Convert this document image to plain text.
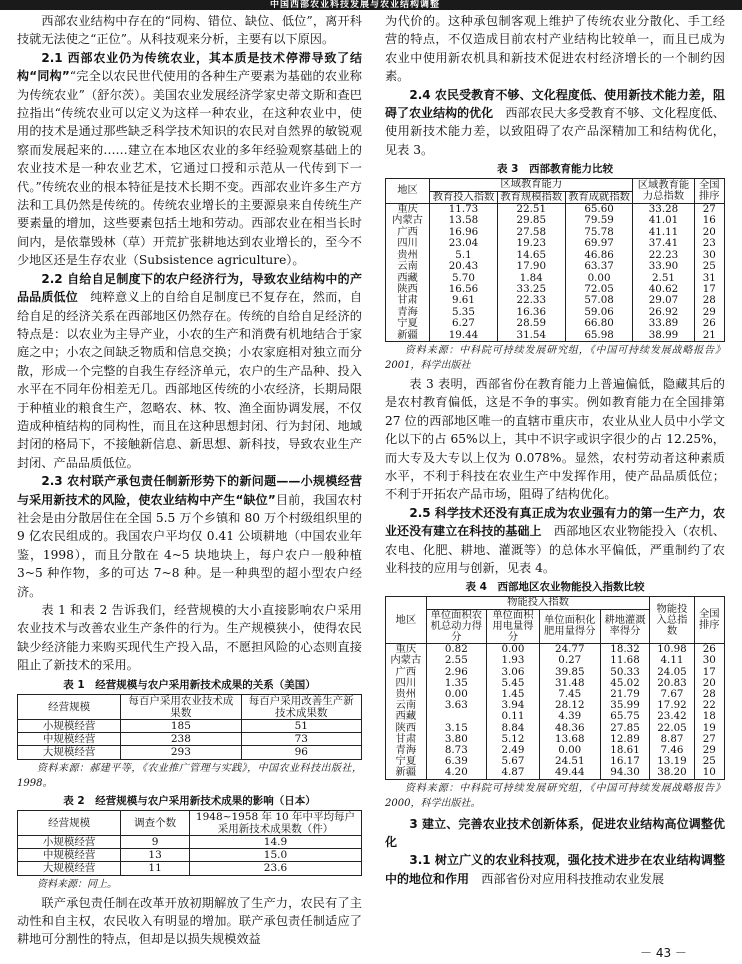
中国西部农业科技发展与农业结构调整

西部农业结构中存在的“同构、错位、缺位、低位”，离开科技就无法使之“正位”。从科技观来分析，主要有以下原因。

2.1 西部农业仍为传统农业，其本质是技术停滞导致了结构“同构”“完全以农民世代使用的各种生产要素为基础的农业称为传统农业”（舒尔茨）。美国农业发展经济学家史蒂文斯和查巴拉指出“传统农业可以定义为这样一种农业，在这种农业中，使用的技术是通过那些缺乏科学技术知识的农民对自然界的敏锐观察而发展起来的……建立在本地区农业的多年经验观察基础上的农业技术是一种农业艺术，它通过口授和示范从一代传到下一代。”传统农业的根本特征是技术长期不变。西部农业许多生产方法和工具仍然是传统的。传统农业增长的主要源泉来自传统生产要素量的增加，这些要素包括土地和劳动。西部农业在相当长时间内，是依靠毁林（草）开荒扩张耕地达到农业增长的，至今不少地区还是生存农业（Subsistence agriculture）。

2.2 自给自足制度下的农户经济行为，导致农业结构中的产品品质低位　 纯粹意义上的自给自足制度已不复存在，然而，自给自足的经济关系在西部地区仍然存在。传统的自给自足经济的特点是：以农业为主导产业，小农的生产和消费有机地结合于家庭之中；小农之间缺乏物质和信息交换；小农家庭相对独立而分散，形成一个完整的自我生存经济单元，农户的生产品种、投入水平在不同年份相差无几。西部地区传统的小农经济，长期局限于种植业的粮食生产，忽略农、林、牧、渔全面协调发展，不仅造成种植结构的同构性，而且在这种思想封闭、行为封闭、地域封闭的格局下，不接触新信息、新思想、新科技，导致农业生产封闭、产品品质低位。

2.3 农村联产承包责任制新形势下的新问题——小规模经营与采用新技术的风险，使农业结构中产生“缺位”目前，我国农村社会是由分散居住在全国 5.5 万个乡镇和 80 万个村级组织里的 9 亿农民组成的。我国农户平均仅 0.41 公顷耕地（中国农业年鉴，1998），而且分散在 4~5 块地块上，每户农户一般种植 3~5 种作物，多的可达 7~8 种。是一种典型的超小型农户经济。

表 1 和表 2 告诉我们，经营规模的大小直接影响农户采用农业技术与改善农业生产条件的行为。生产规模狭小，使得农民缺少经济能力来购买现代生产投入品，不愿担风险的心态则直接阻止了新技术的采用。

表 1　经营规模与农户采用新技术成果的关系（美国）
经营规模	每百户采用农业技术成果数	每百户采用改善生产新技术成果数
小规模经营	185	51
中规模经营	238	73
大规模经营	293	96

资料来源：郝建平等，《农业推广管理与实践》，中国农业科技出版社，1998。

表 2　经营规模与农户采用新技术成果的影响（日本）
经营规模	调查个数	1948~1958 年 10 年中平均每户采用新技术成果数（件）
小规模经营	9	14.9
中规模经营	13	15.0
大规模经营	11	23.6

资料来源：同上。

联产承包责任制在改革开放初期解放了生产力，农民有了主动性和自主权，农民收入有明显的增加。联产承包责任制适应了耕地可分割性的特点，但却是以损失规模效益

为代价的。这种承包制客观上维护了传统农业分散化、手工经营的特点，不仅造成目前农村产业结构比较单一，而且已成为农业中使用新农机具和新技术促进农村经济增长的一个制约因素。

2.4 农民受教育不够、文化程度低、使用新技术能力差，阻碍了农业结构的优化　 西部农民大多受教育不够、文化程度低、使用新技术能力差，以致阻碍了农产品深精加工和结构优化，见表 3。

表 3　西部教育能力比较
地区	区域教育能力			区域教育能力总指数	全国排序
	教育投入指数	教育规模指数	教育成就指数		
重庆	11.73	22.51	65.60	33.28	27
内蒙古	13.58	29.85	79.59	41.01	16
广西	16.96	27.58	75.78	41.11	20
四川	23.04	19.23	69.97	37.41	23
贵州	5.1	14.65	46.86	22.23	30
云南	20.43	17.90	63.37	33.90	25
西藏	5.70	1.84	0.00	2.51	31
陕西	16.56	33.25	72.05	40.62	17
甘肃	9.61	22.33	57.08	29.07	28
青海	5.35	16.36	59.06	26.92	29
宁夏	6.27	28.59	66.80	33.89	26
新疆	19.44	31.54	65.98	38.99	21

资料来源：中科院可持续发展研究组，《中国可持续发展战略报告》2001，科学出版社

表 3 表明，西部省份在教育能力上普遍偏低，隐藏其后的是农村教育偏低，这是不争的事实。例如教育能力在全国排第 27 位的西部地区唯一的直辖市重庆市，农业从业人员中小学文化以下的占 65%以上，其中不识字或识字很少的占 12.25%，而大专及大专以上仅为 0.078%。显然，农村劳动者这种素质水平，不利于科技在农业生产中发挥作用，使产品品质低位；不利于开拓农产品市场，阻碍了结构优化。

2.5 科学技术还没有真正成为农业强有力的第一生产力，农业还没有建立在科技的基础上　 西部地区农业物能投入（农机、农电、化肥、耕地、灌溉等）的总体水平偏低，严重制约了农业科技的应用与创新，见表 4。

表 4　西部地区农业物能投入指数比较
地区	物能投入指数				物能投入总指数	全国排序
	单位面积农机总动力得分	单位面积用电量得分	单位面积化肥用量得分	耕地灌溉率得分		
重庆	0.82	0.00	24.77	18.32	10.98	26
内蒙古	2.55	1.93	0.27	11.68	4.11	30
广西	2.96	3.06	39.85	50.33	24.05	17
四川	1.35	5.45	31.48	45.02	20.83	20
贵州	0.00	1.45	7.45	21.79	7.67	28
云南	3.63	3.94	28.12	35.99	17.92	22
西藏		0.11	4.39	65.75	23.42	18
陕西	3.15	8.84	48.36	27.85	22.05	19
甘肃	3.80	5.12	13.68	12.89	8.87	27
青海	8.73	2.49	0.00	18.61	7.46	29
宁夏	6.39	5.67	24.51	16.17	13.19	25
新疆	4.20	4.87	49.44	94.30	38.20	10

资料来源：中科院可持续发展研究组，《中国可持续发展战略报告》2000，科学出版社。

3 建立、完善农业技术创新体系，促进农业结构高位调整优化

3.1 树立广义的农业科技观，强化技术进步在农业结构调整中的地位和作用　 西部省份对应用科技推动农业发展

－ 43 －
